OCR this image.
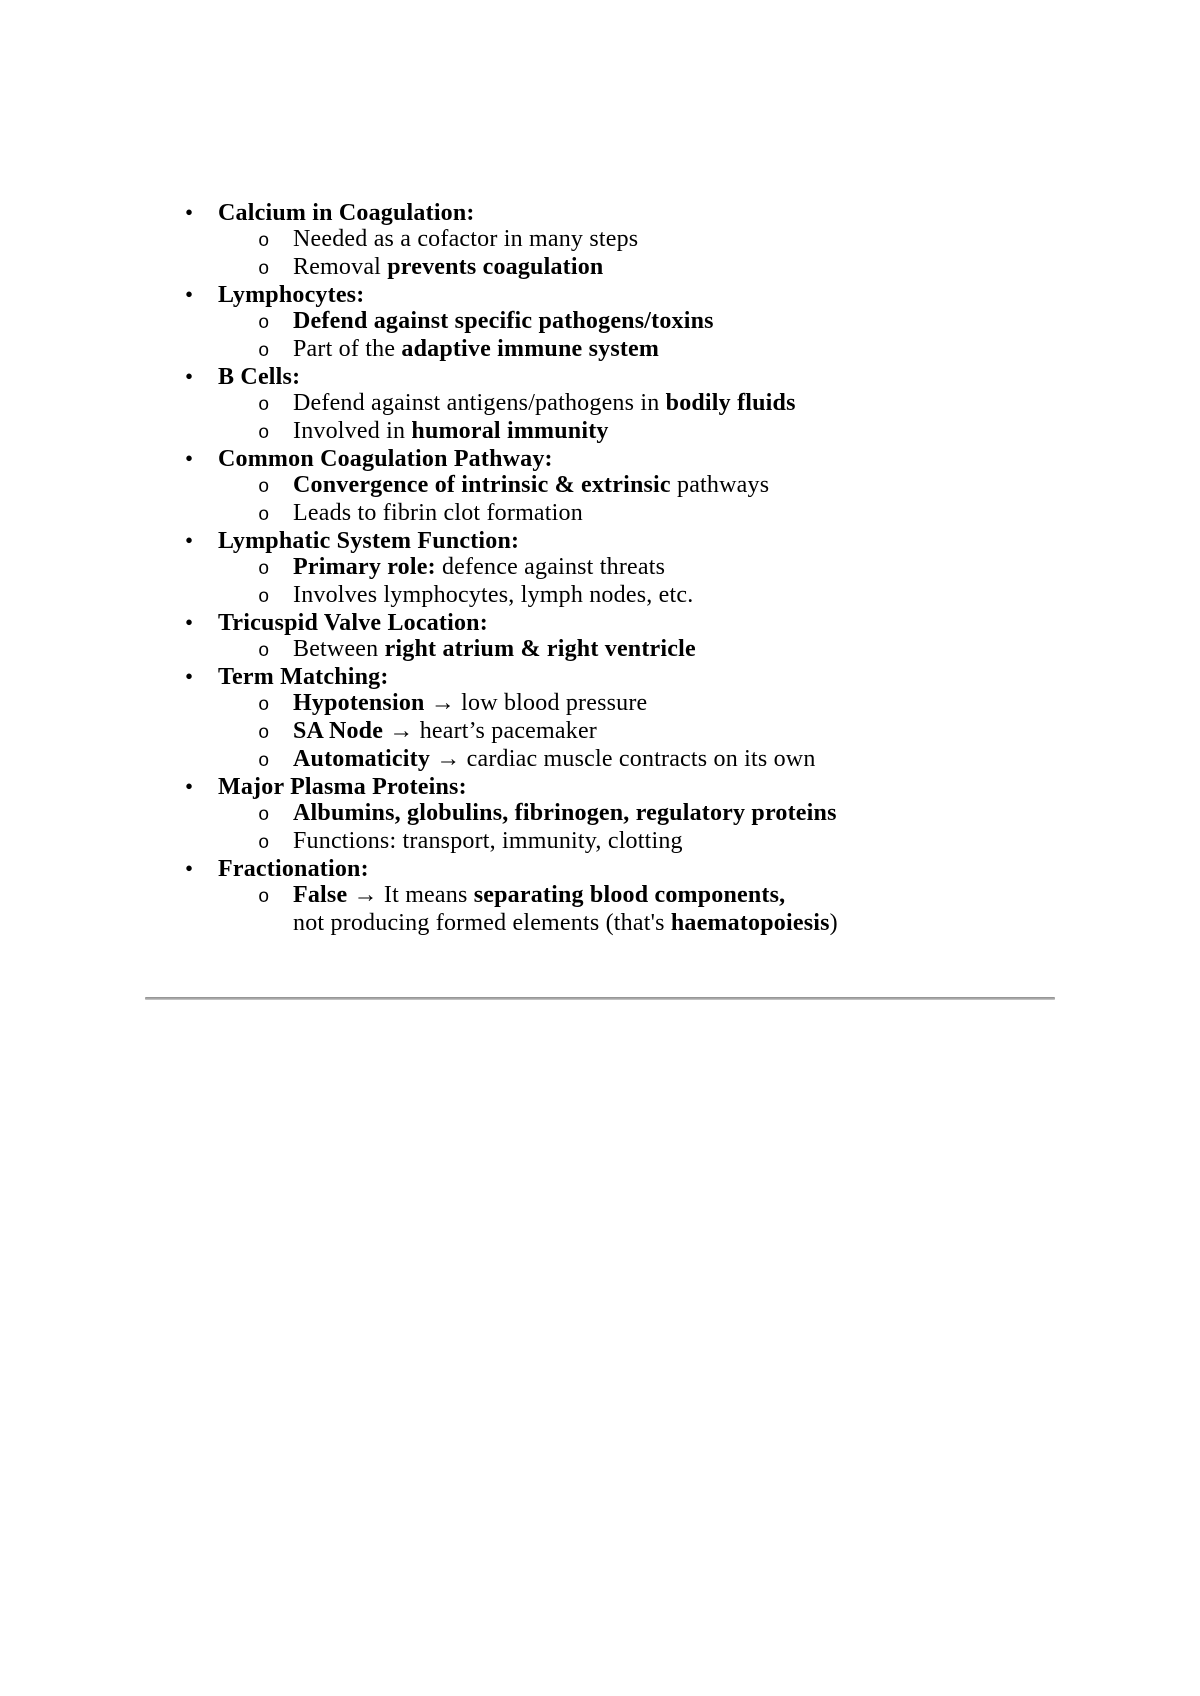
•	Calcium in Coagulation:
o Needed as a cofactor in many steps
o Removal prevents coagulation
•	Lymphocytes:
o Defend against specific pathogens/toxins
o Part of the adaptive immune system
•	B Cells:
o Defend against antigens/pathogens in bodily fluids
o Involved in humoral immunity
•	Common Coagulation Pathway:
o Convergence of intrinsic & extrinsic pathways
o Leads to fibrin clot formation
•	Lymphatic System Function:
o Primary role: defence against threats
o Involves lymphocytes, lymph nodes, etc.
•	Tricuspid Valve Location:
o Between right atrium & right ventricle
•	Term Matching:
o Hypotension → low blood pressure
o SA Node → heart’s pacemaker
o Automaticity → cardiac muscle contracts on its own
•	Major Plasma Proteins:
o Albumins, globulins, fibrinogen, regulatory proteins
o Functions: transport, immunity, clotting
•	Fractionation:
o False → It means separating blood components,
not producing formed elements (that's haematopoiesis)
